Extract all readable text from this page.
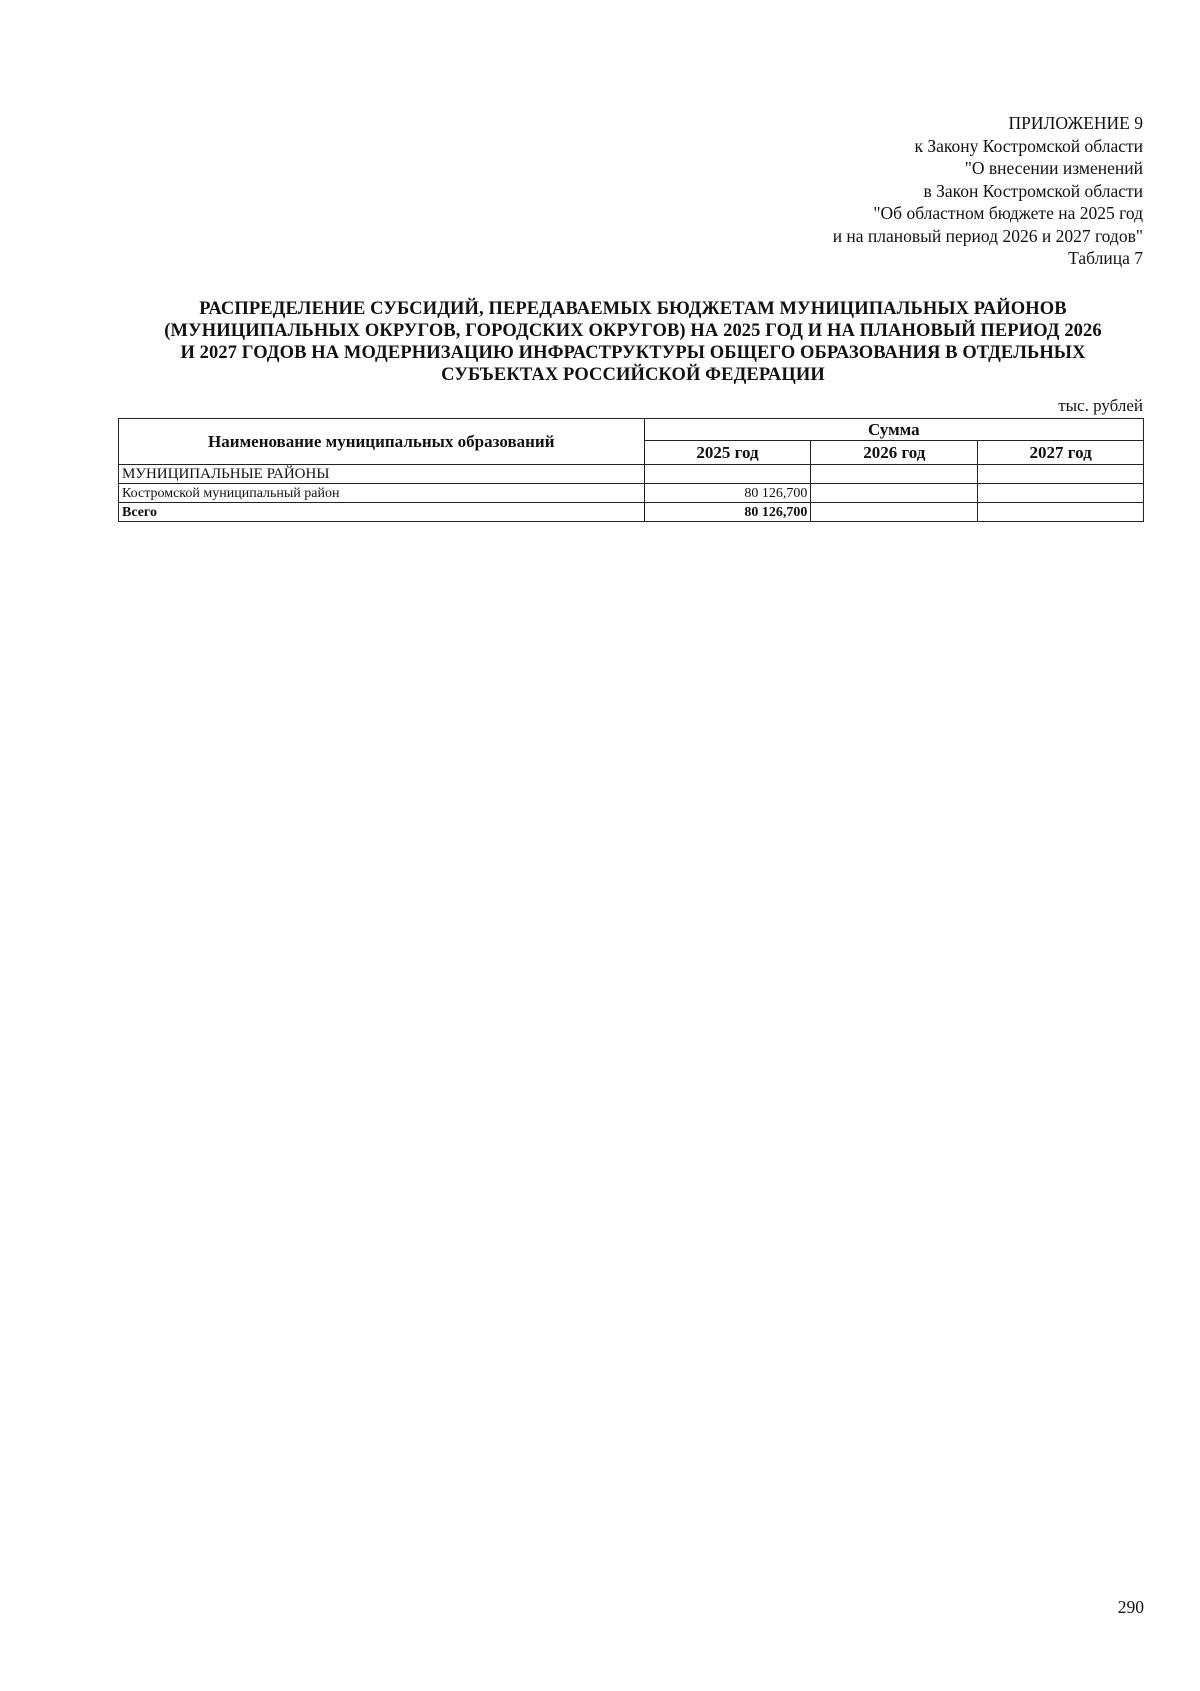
ПРИЛОЖЕНИЕ 9
к Закону Костромской области
"О внесении изменений
в Закон Костромской области
"Об областном бюджете на 2025 год
и на плановый период 2026 и 2027 годов"
Таблица 7
РАСПРЕДЕЛЕНИЕ СУБСИДИЙ, ПЕРЕДАВАЕМЫХ БЮДЖЕТАМ МУНИЦИПАЛЬНЫХ РАЙОНОВ
(МУНИЦИПАЛЬНЫХ ОКРУГОВ, ГОРОДСКИХ ОКРУГОВ) НА 2025 ГОД И НА ПЛАНОВЫЙ ПЕРИОД 2026
И 2027 ГОДОВ НА МОДЕРНИЗАЦИЮ ИНФРАСТРУКТУРЫ ОБЩЕГО ОБРАЗОВАНИЯ В ОТДЕЛЬНЫХ
СУБЪЕКТАХ РОССИЙСКОЙ ФЕДЕРАЦИИ
тыс. рублей
Наименование муниципальных образований	Сумма		
	2025 год	2026 год	2027 год
МУНИЦИПАЛЬНЫЕ РАЙОНЫ			
Костромской муниципальный район	80 126,700		
Всего	80 126,700		
290
